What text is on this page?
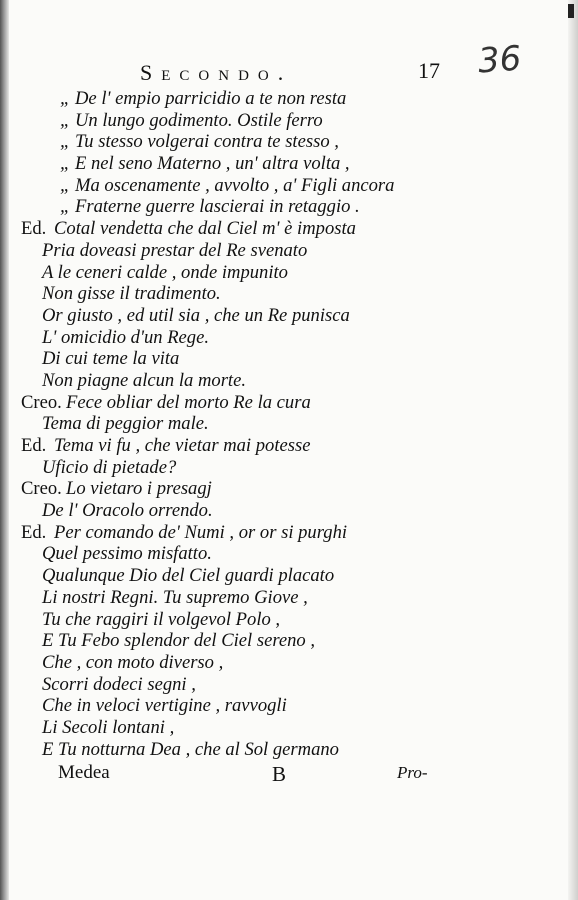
Secondo.	17 36
„ De l' empio parricidio a te non resta
„ Un lungo godimento. Ostile ferro
„ Tu stesso volgerai contra te stesso ,
„ E nel seno Materno , un' altra volta ,
„ Ma oscenamente , avvolto , a' Figli ancora
„ Fraterne guerre lascierai in retaggio .
Ed. Cotal vendetta che dal Ciel m' è imposta
Pria doveasi prestar del Re svenato
A le ceneri calde , onde impunito
Non gisse il tradimento.
Or giusto , ed util sia , che un Re punisca
L' omicidio d'un Rege.
Di cui teme la vita
Non piagne alcun la morte.
Creo. Fece obliar del morto Re la cura
Tema di peggior male.
Ed. Tema vi fu , che vietar mai potesse
Uficio di pietade?
Creo. Lo vietaro i presagj
De l' Oracolo orrendo.
Ed. Per comando de' Numi , or or si purghi
Quel pessimo misfatto.
Qualunque Dio del Ciel guardi placato
Li nostri Regni. Tu supremo Giove ,
Tu che raggiri il volgevol Polo ,
E Tu Febo splendor del Ciel sereno ,
Che , con moto diverso ,
Scorri dodeci segni ,
Che in veloci vertigine , ravvogli
Li Secoli lontani ,
E Tu notturna Dea , che al Sol germano
Medea	B	Pro-
